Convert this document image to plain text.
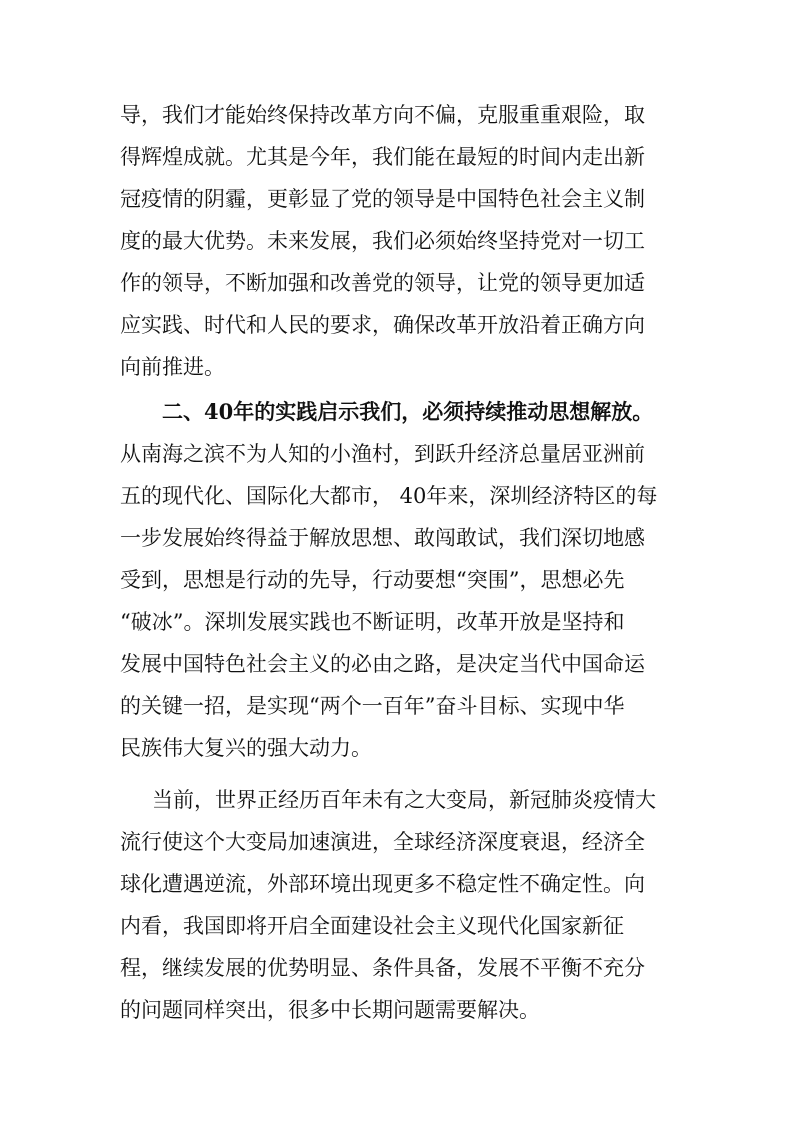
导，我们才能始终保持改革方向不偏，克服重重艰险，取
得辉煌成就。尤其是今年，我们能在最短的时间内走出新
冠疫情的阴霾，更彰显了党的领导是中国特色社会主义制
度的最大优势。未来发展，我们必须始终坚持党对一切工
作的领导，不断加强和改善党的领导，让党的领导更加适
应实践、时代和人民的要求，确保改革开放沿着正确方向
向前推进。
二、40年的实践启示我们，必须持续推动思想解放。
从南海之滨不为人知的小渔村，到跃升经济总量居亚洲前
五的现代化、国际化大都市， 40年来，深圳经济特区的每
一步发展始终得益于解放思想、敢闯敢试，我们深切地感
受到，思想是行动的先导，行动要想“突围”，思想必先
“破冰”。深圳发展实践也不断证明，改革开放是坚持和
发展中国特色社会主义的必由之路，是决定当代中国命运
的关键一招，是实现“两个一百年”奋斗目标、实现中华
民族伟大复兴的强大动力。
当前，世界正经历百年未有之大变局，新冠肺炎疫情大
流行使这个大变局加速演进，全球经济深度衰退，经济全
球化遭遇逆流，外部环境出现更多不稳定性不确定性。向
内看，我国即将开启全面建设社会主义现代化国家新征
程，继续发展的优势明显、条件具备，发展不平衡不充分
的问题同样突出，很多中长期问题需要解决。
